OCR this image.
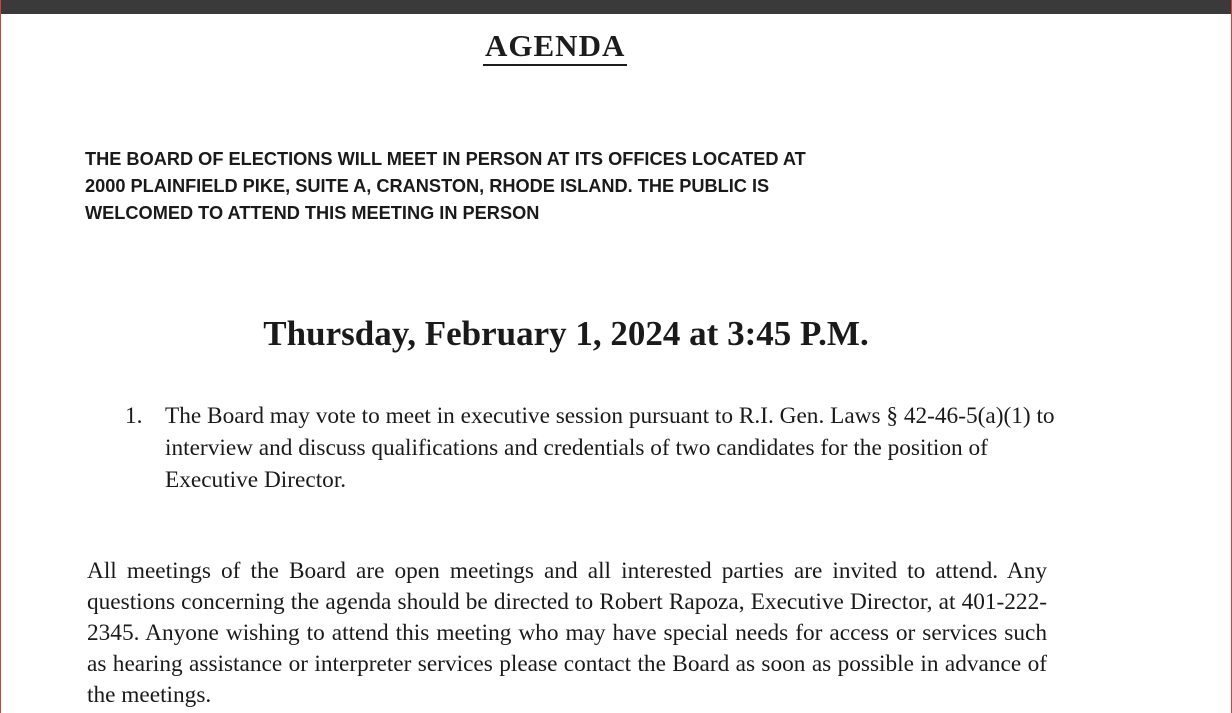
AGENDA
THE BOARD OF ELECTIONS WILL MEET IN PERSON AT ITS OFFICES LOCATED AT
2000 PLAINFIELD PIKE, SUITE A, CRANSTON, RHODE ISLAND. THE PUBLIC IS
WELCOMED TO ATTEND THIS MEETING IN PERSON
Thursday, February 1, 2024 at 3:45 P.M.
1. The Board may vote to meet in executive session pursuant to R.I. Gen. Laws § 42-46-5(a)(1) to interview and discuss qualifications and credentials of two candidates for the position of Executive Director.
All meetings of the Board are open meetings and all interested parties are invited to attend. Any questions concerning the agenda should be directed to Robert Rapoza, Executive Director, at 401-222-2345. Anyone wishing to attend this meeting who may have special needs for access or services such as hearing assistance or interpreter services please contact the Board as soon as possible in advance of the meetings.
